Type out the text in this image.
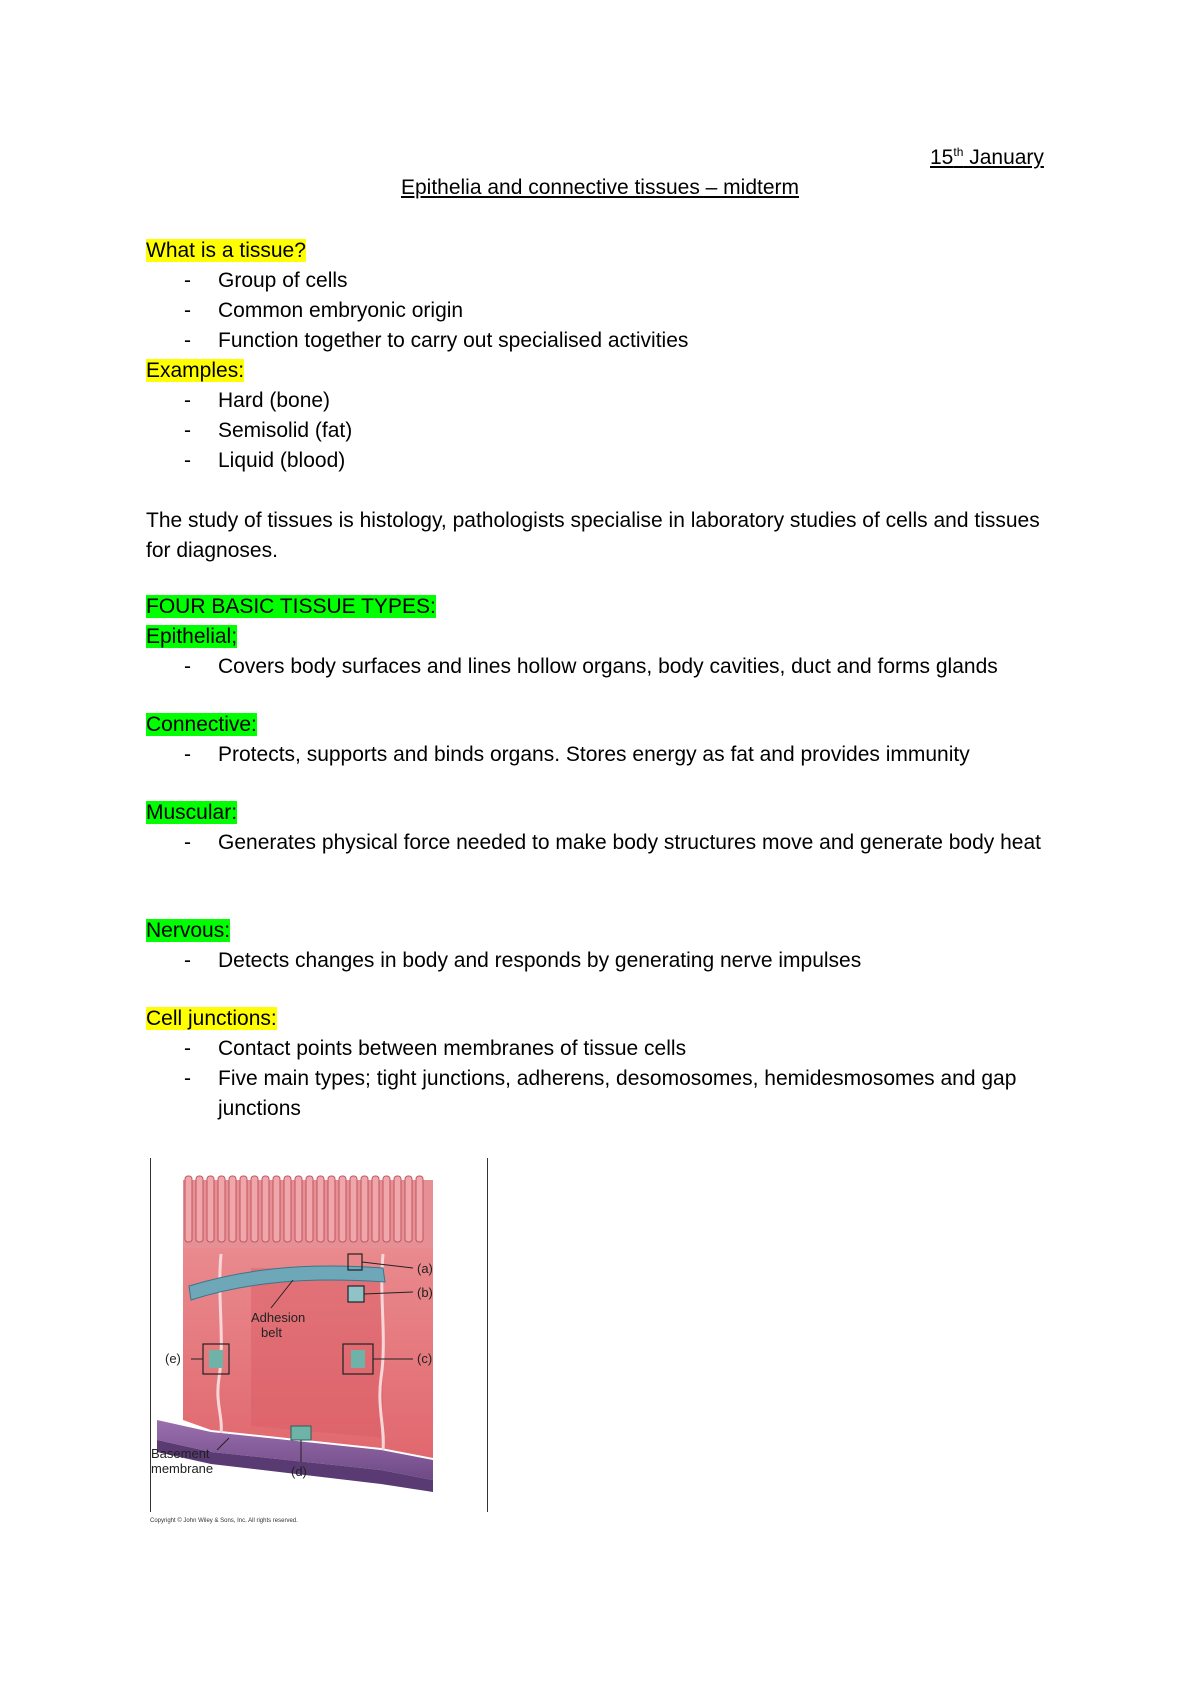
15th January
Epithelia and connective tissues – midterm
What is a tissue?
- Group of cells
- Common embryonic origin
- Function together to carry out specialised activities
Examples:
- Hard (bone)
- Semisolid (fat)
- Liquid (blood)
The study of tissues is histology, pathologists specialise in laboratory studies of cells and tissues for diagnoses.
FOUR BASIC TISSUE TYPES:
Epithelial;
- Covers body surfaces and lines hollow organs, body cavities, duct and forms glands
Connective:
- Protects, supports and binds organs. Stores energy as fat and provides immunity
Muscular:
- Generates physical force needed to make body structures move and generate body heat
Nervous:
- Detects changes in body and responds by generating nerve impulses
Cell junctions:
- Contact points between membranes of tissue cells
- Five main types; tight junctions, adherens, desomosomes, hemidesmosomes and gap junctions
(a)
(b)
(c)
(d)
(e)
Adhesion
belt
Basement
membrane
Copyright © John Wiley & Sons, Inc. All rights reserved.
